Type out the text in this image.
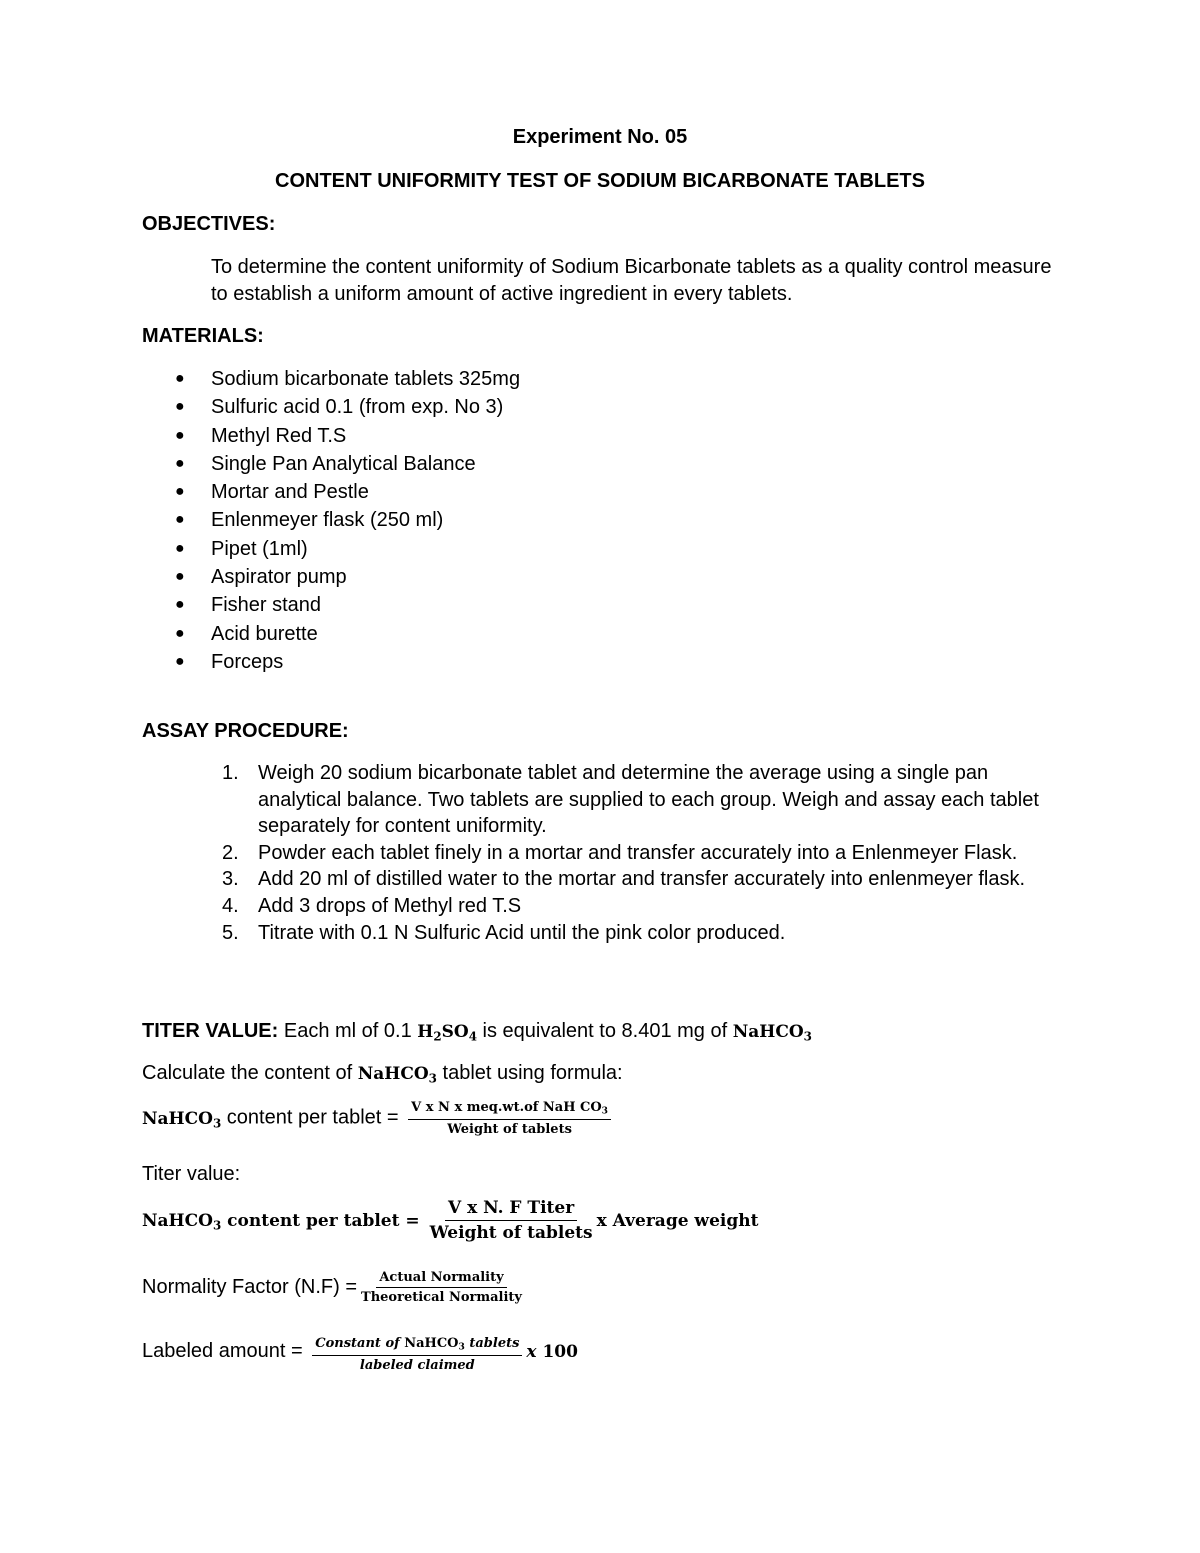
Experiment No. 05
CONTENT UNIFORMITY TEST OF SODIUM BICARBONATE TABLETS
OBJECTIVES:
To determine the content uniformity of Sodium Bicarbonate tablets as a quality control measure to establish a uniform amount of active ingredient in every tablets.
MATERIALS:
● Sodium bicarbonate tablets 325mg
● Sulfuric acid 0.1 (from exp. No 3)
● Methyl Red T.S
● Single Pan Analytical Balance
● Mortar and Pestle
● Enlenmeyer flask (250 ml)
● Pipet (1ml)
● Aspirator pump
● Fisher stand
● Acid burette
● Forceps
ASSAY PROCEDURE:
1. Weigh 20 sodium bicarbonate tablet and determine the average using a single pan analytical balance. Two tablets are supplied to each group. Weigh and assay each tablet separately for content uniformity.
2. Powder each tablet finely in a mortar and transfer accurately into a Enlenmeyer Flask.
3. Add 20 ml of distilled water to the mortar and transfer accurately into enlenmeyer flask.
4. Add 3 drops of Methyl red T.S
5. Titrate with 0.1 N Sulfuric Acid until the pink color produced.
TITER VALUE: Each ml of 0.1 $H_2SO_4$ is equivalent to 8.401 mg of NaHCO$_3$
Calculate the content of NaHCO$_3$ tablet using formula:
NaHCO$_3$ content per tablet = $\frac{V x N x meq.wt.of NaH CO_3}{\text{Weight of tablets}}$
Titer value:
NaHCO$_3$ content per tablet = $\frac{\text{V x N. F Titer}}{\text{Weight of tablets}}$ x Average weight
Normality Factor $(N.F) = \frac{\text{Actual Normality}}{\text{Theoretical Normality}}$
Labeled amount = $\frac{Constant of NaHCO_3 tablets}{\text{labeled claimed}}$ x 100
